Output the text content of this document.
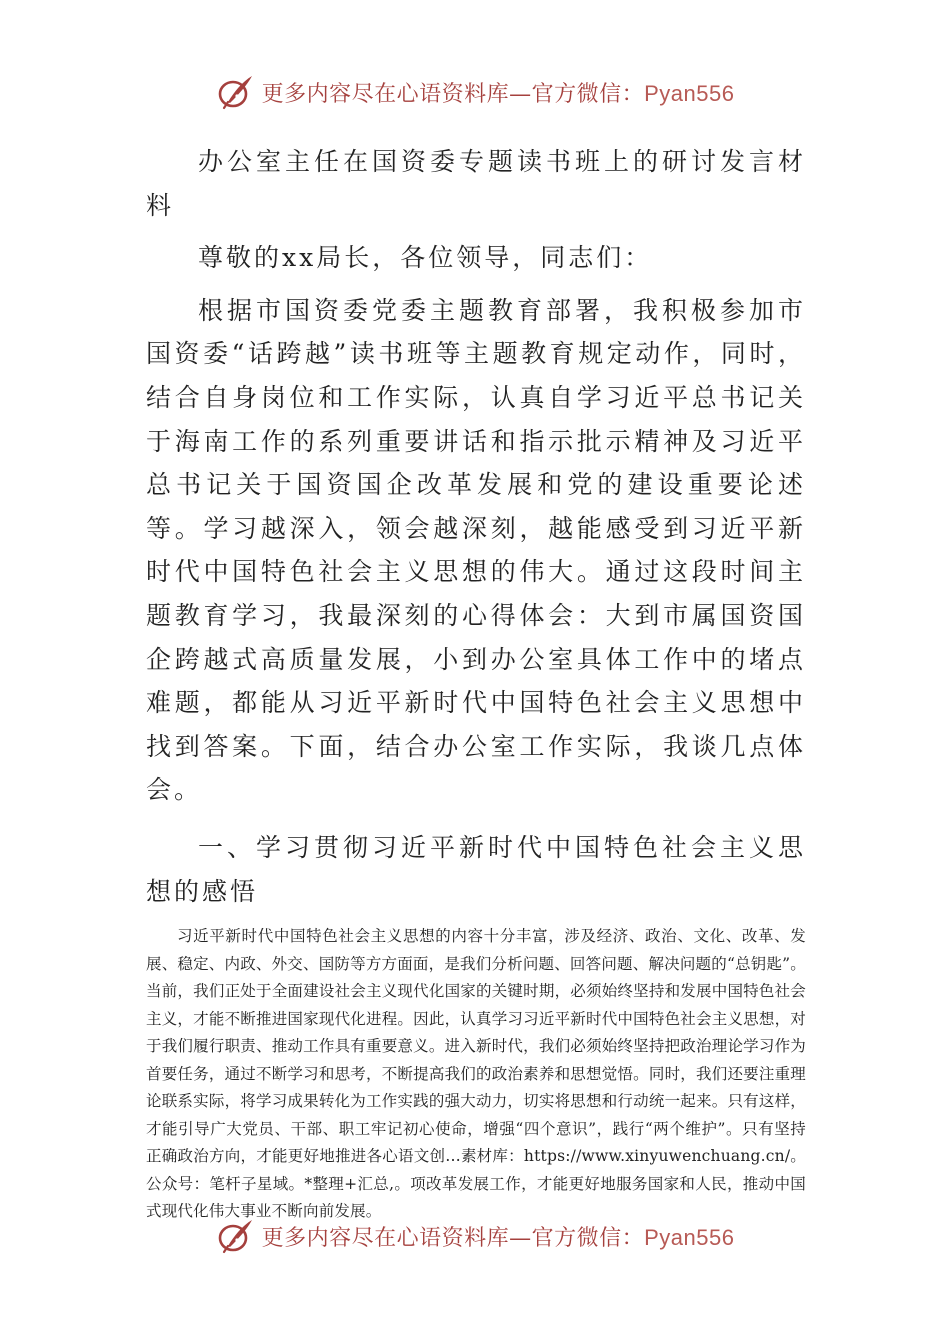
更多内容尽在心语资料库—官方微信：Pyan556

办公室主任在国资委专题读书班上的研讨发言材料

尊敬的xx局长，各位领导，同志们：

根据市国资委党委主题教育部署，我积极参加市国资委“话跨越”读书班等主题教育规定动作，同时，结合自身岗位和工作实际，认真自学习近平总书记关于海南工作的系列重要讲话和指示批示精神及习近平总书记关于国资国企改革发展和党的建设重要论述等。学习越深入，领会越深刻，越能感受到习近平新时代中国特色社会主义思想的伟大。通过这段时间主题教育学习，我最深刻的心得体会：大到市属国资国企跨越式高质量发展，小到办公室具体工作中的堵点难题，都能从习近平新时代中国特色社会主义思想中找到答案。下面，结合办公室工作实际，我谈几点体会。

一、学习贯彻习近平新时代中国特色社会主义思想的感悟

习近平新时代中国特色社会主义思想的内容十分丰富，涉及经济、政治、文化、改革、发展、稳定、内政、外交、国防等方方面面，是我们分析问题、回答问题、解决问题的“总钥匙”。当前，我们正处于全面建设社会主义现代化国家的关键时期，必须始终坚持和发展中国特色社会主义，才能不断推进国家现代化进程。因此，认真学习习近平新时代中国特色社会主义思想，对于我们履行职责、推动工作具有重要意义。进入新时代，我们必须始终坚持把政治理论学习作为首要任务，通过不断学习和思考，不断提高我们的政治素养和思想觉悟。同时，我们还要注重理论联系实际，将学习成果转化为工作实践的强大动力，切实将思想和行动统一起来。只有这样，才能引导广大党员、干部、职工牢记初心使命，增强“四个意识”，践行“两个维护”。只有坚持正确政治方向，才能更好地推进各心语文创…素材库：https://www.xinyuwenchuang.cn/。公众号：笔杆子星域。*整理+汇总,。项改革发展工作，才能更好地服务国家和人民，推动中国式现代化伟大事业不断向前发展。

更多内容尽在心语资料库—官方微信：Pyan556
